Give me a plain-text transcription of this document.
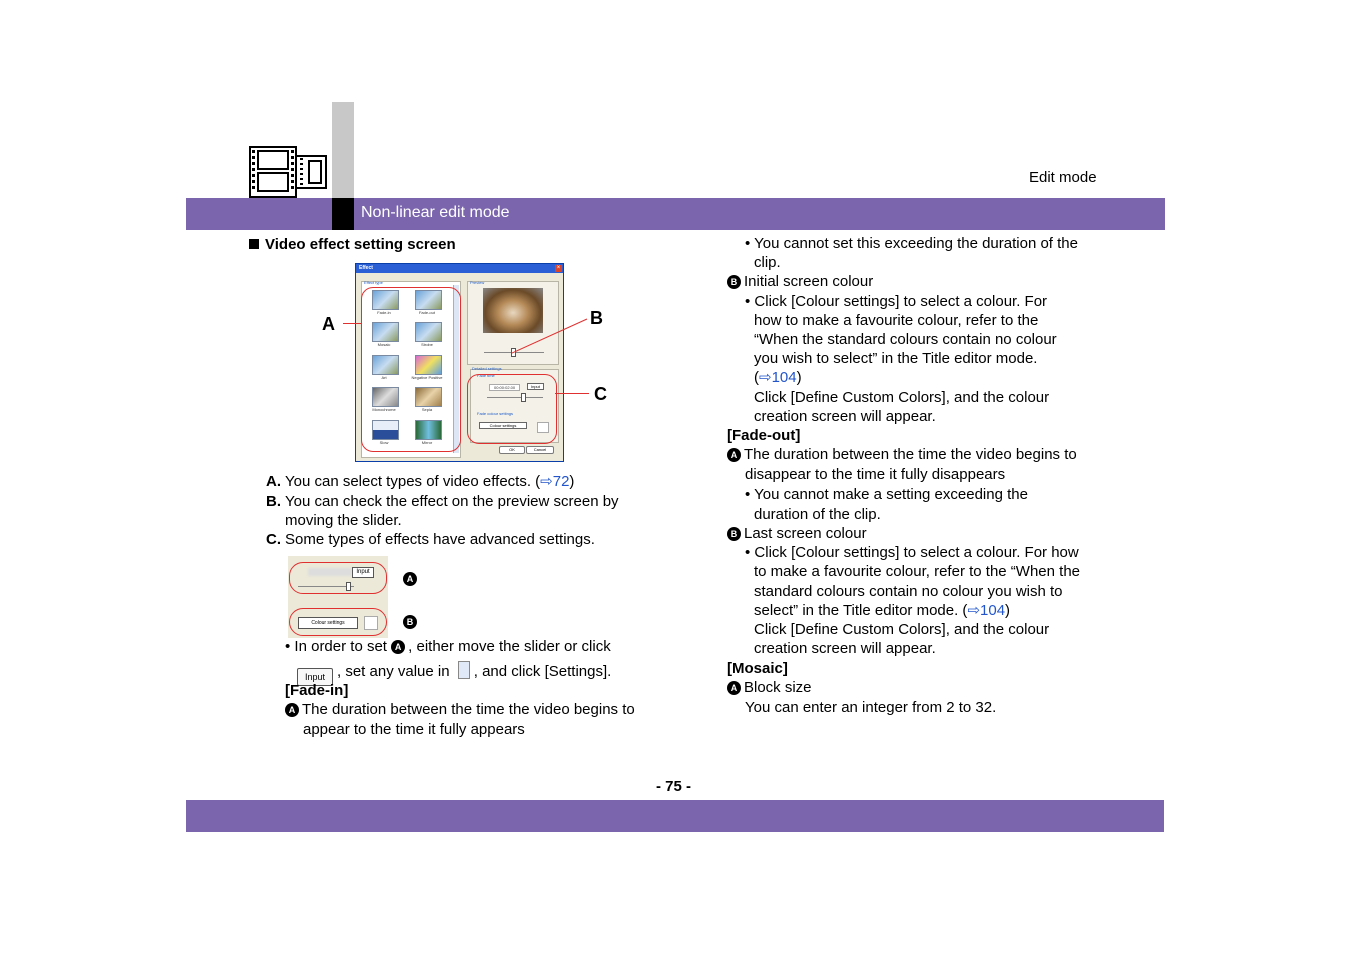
Edit mode
Non-linear edit mode
Video effect setting screen
Effect	×
Effect type
Fade-in	Fade-out
Mosaic	Strobe
Art	Negative Positive
Monochrome	Sepia
Slow	Mirror
Preview
Detailed settings
Fade time
00:00:02.00	Input
Fade colour settings
Colour settings
OK	Cancel
A	B
C
A. You can select types of video effects. (⇨72)
B. You can check the effect on the preview screen by
moving the slider.
C. Some types of effects have advanced settings.
Input
Colour settings
A
B
• In order to set A , either move the slider or click
Input , set any value in , and click [Settings].
[Fade-in]
A The duration between the time the video begins to
appear to the time it fully appears
• You cannot set this exceeding the duration of the
clip.
B Initial screen colour
• Click [Colour settings] to select a colour. For
how to make a favourite colour, refer to the
“When the standard colours contain no colour
you wish to select” in the Title editor mode.
(⇨104)
Click [Define Custom Colors], and the colour
creation screen will appear.
[Fade-out]
A The duration between the time the video begins to
disappear to the time it fully disappears
• You cannot make a setting exceeding the
duration of the clip.
B Last screen colour
• Click [Colour settings] to select a colour. For how
to make a favourite colour, refer to the “When the
standard colours contain no colour you wish to
select” in the Title editor mode. (⇨104)
Click [Define Custom Colors], and the colour
creation screen will appear.
[Mosaic]
A Block size
You can enter an integer from 2 to 32.
- 75 -
